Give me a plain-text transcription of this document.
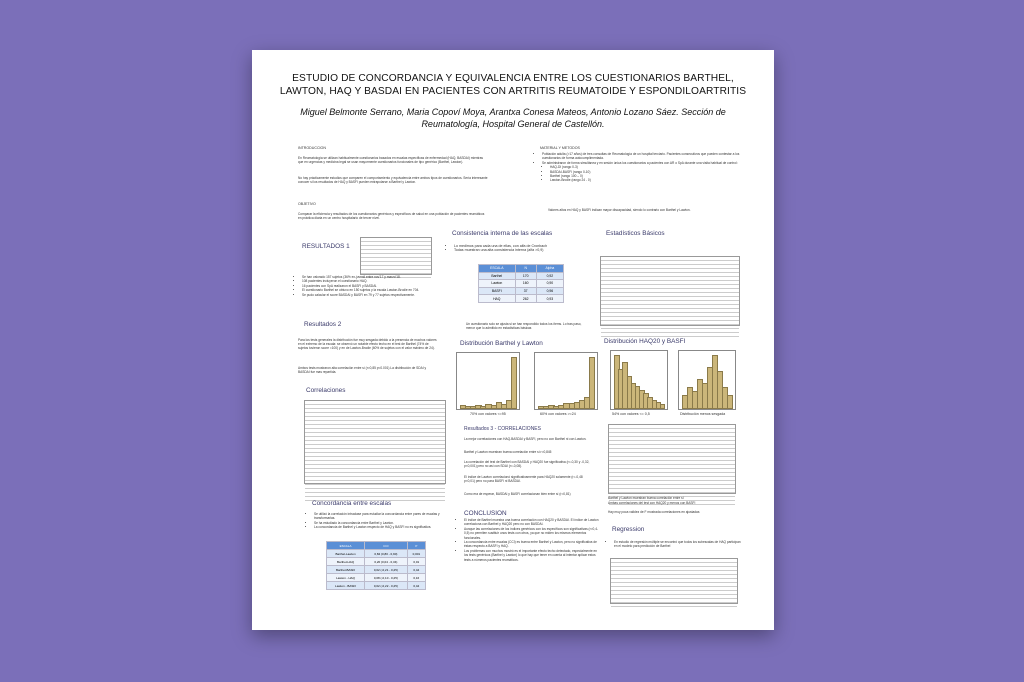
ESTUDIO DE CONCORDANCIA Y EQUIVALENCIA ENTRE LOS CUESTIONARIOS BARTHEL, LAWTON, HAQ Y BASDAI EN PACIENTES CON ARTRITIS REUMATOIDE Y ESPONDILOARTRITIS
Miguel Belmonte Serrano, Maria Copoví Moya, Arantxa Conesa Mateos, Antonio Lozano Sáez. Sección de Reumatología, Hospital General de Castellón.
INTRODUCCION
En Reumatología se utilizan habitualmente cuestionarios basados en escalas específicas de enfermedad (HAQ, BASDAI) mientras que en urgencias y medicina legal se usan mayormente cuestionarios funcionales de tipo genérico (Barthel, Lawton).
No hay prácticamente estudios que comparen el comportamiento y equivalencia entre ambos tipos de cuestionarios. Sería interesante conocer si los resultados de HAQ y BASFI pueden extrapolarse a Barthel y Lawton.
OBJETIVO
Comparar la eficiencia y resultados de los cuestionarios genéricos y específicos de salud en una población de pacientes reumáticos en práctica diaria en un centro hospitalario de tercer nivel.
RESULTADOS 1
• Se han valorado 157 sujetos (36% ex-juvenil entre nov'17 y marzo'18.
• 108 pacientes incluyeron el cuestionario HAQ.
• 16 pacientes con SpA realizaron el BASFI y BASDAI.
• El cuestionario Barthel se obtuvo en 150 sujetos y la escala Lawton-Brodie en 704.
• Se pudo calcular el score BASDAI y BASFI en 79 y 77 sujetos respectivamente.
Resultados 2
Para los tests generales la distribución fue muy sesgada debido a la presencia de muchos valores en el extremo de la escala: se observó un notable efecto techo en el test de Barthel (74% de sujetos tuvieron score =100) y en de Lawton-Brodie (60% de sujetos con el valor máximo de 24).
Ambos tests mostraron alta correlación entre sí (r=0,85 p<0.001) La distribución de SDAI y BASDAI fue mas repartida.
Correlaciones
Concordancia entre escalas
• Se utilizó la correlación intraclase para estudiar la concordancia entre pares de escalas y transformarlas.
• Se ha estudiado la concordancia entre Barthel y Lawton.
• La concordancia de Barthel y Lawton respecto de HAQ y BASFI no es significativa.
ESCALA	CCI	P
Barthel-Lawton	0,84 (0,80 - 0,90)	0,001
Barthel-HAQ	0,20 (0,04 - 0,34)	0,01
Barthel-BASFI	0,02 (-0,21 - 0,25)	0,44
Lawton - HAQ	0,08 (-0,10 - 0,25)	0,16
Lawton - BASFI	0,02 (-0,22 - 0,25)	0,44
MATERIAL Y METODOS
• Población adulta (>17 años) de tres consultas de Reumatología de un hospital terciario. Pacientes consecutivos que pueden contestar a los cuestionarios de forma autocumplimentada.
• Se administraron de forma simultánea y en sesión única los cuestionarios a pacientes con AR o SpA durante una visita habitual de control:
• HAQ-DI (rango 0-3)
• BASDAI-BASFI (rango 0-10)
• Barthel (rango 100 – 0)
• Lawton-Brodie (rango 24 - 0)
Valores altos en HAQ y BASFI indican mayor discapacidad, siendo lo contrario con Barthel y Lawton.
Consistencia interna de las escalas
• Lo medimos para cada una de ellas, con alfa de Cronbach
• Todas muestran una alta consistencia interna (alfa >0,9)
ESCALA	N	Alpha
Barthel	170	0,92
Lawton	160	0,90
BASFI	37	0,96
HAQ	262	0,93
Un cuestionario solo se ajusta si se han respondido todos los ítems. Lo tras paso, menor que lo admitido en estadísticas básicas
Estadísticos Básicos
Distribución Barthel y Lawton
70% con valores <=95	60% con valores >=24
Distribución HAQ20 y BASFI
54% con valores <= 0,5	Distribución menos sesgada
Resultados 3 - CORRELACIONES
La mejor correlaciones con HAQ-BASDAI y BASFI, pero no con Barthel ni con Lawton.
Barthel y Lawton muestran buena correlación entre sí r=0,845
La correlación del test de Barthel con BASDAI y HAQ20 fue significativa (r=-0,30 y -0,32, p<0,001) pero no así con SDAI (r=-0,08).
El índice de Lawton correlacionó significativamente para HAQ20 solamente (r=-0,48 p<0,01) pero no para BASFI ni BASDAI.
Como era de esperar, BASDAI y BASFI correlacionan bien entre sí (r=0,81)
Barthel y Lawton muestran buena correlación entre sí
Ambas correlaciones del test con HAQ20 y menos con BASFI
Hay muy poca validez de F mostrada correlaciones en ajustadas
CONCLUSION
• El índice de Barthel muestra una buena correlación con HAQ20 y BASDAI. El índice de Lawton correlaciona con Barthel y HAQ20 pero no con BASDAI.
• Aunque las correlaciones de los índices genéricos con los específicos son significativas (r=0,4-0,5) no permiten sustituir unos tests con otros, ya que no miden los mismos elementos funcionales.
• La concordancia entre escalas (CCI) es buena entre Barthel y Lawton, pero no significativa de éstas respecto a BASFI y HAQ.
• Los problemas con muchos mostró es el importante efecto techo detectado, especialmente en los tests genéricos (Barthel y Lawton) lo que hay que tener en cuenta al intentar aplicar estos tests a números pacientes reumáticos.
Regression
• En estudio de regresión múltiple se encontró que todos los subescalas de HAQ participan en el modelo para predicción de Barthel
